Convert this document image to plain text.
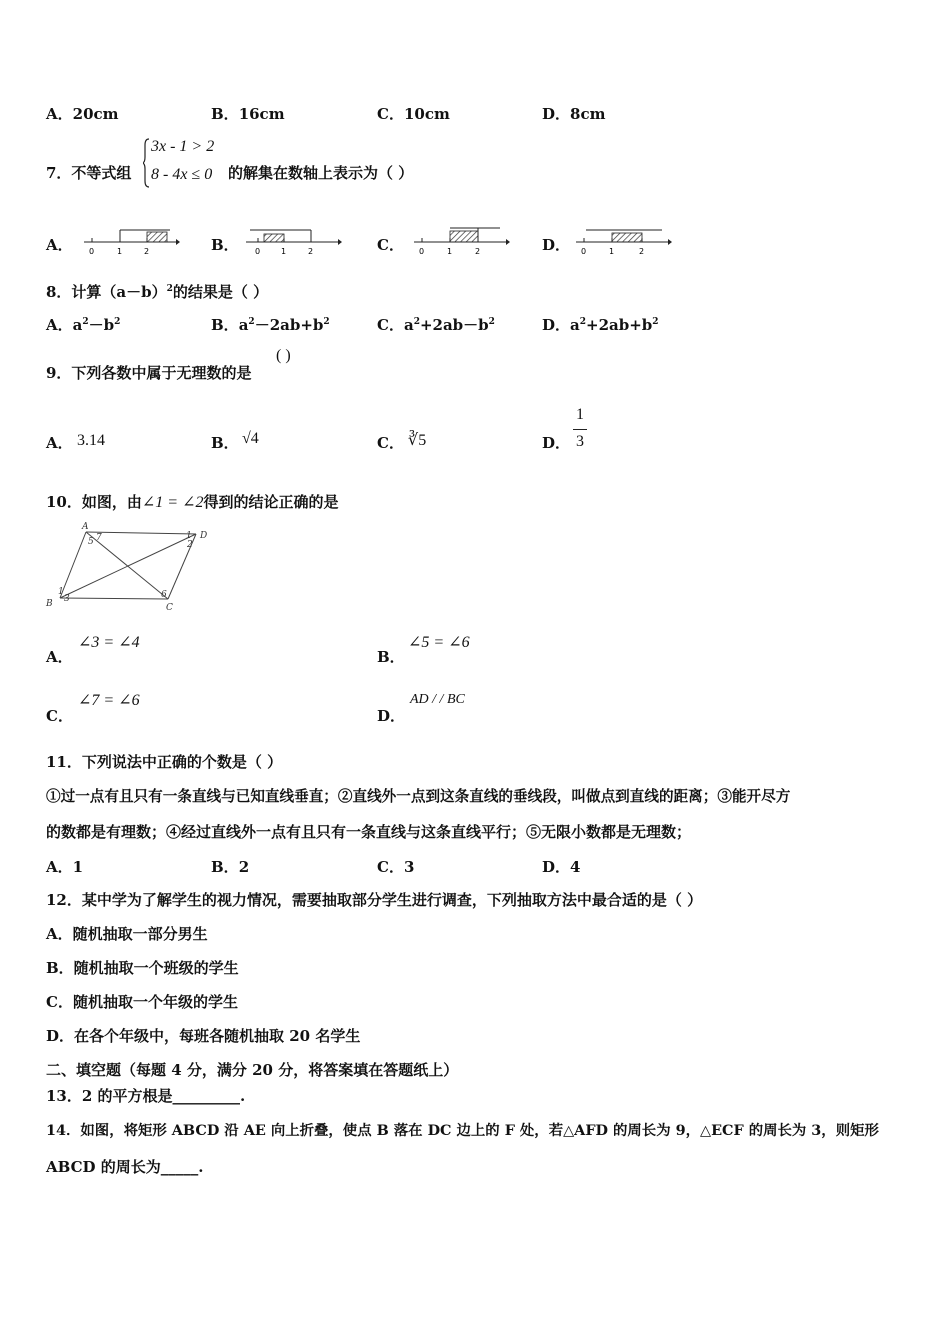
A．20cm	B．16cm	C．10cm	D．8cm
7．不等式组
3x - 1 > 2
8 - 4x ≤ 0 的解集在数轴上表示为（ ）
A． 0	1	2	B． 0	1	2	C． 0	1	2	D． 0	1	2
8．计算$(a-b)^2$的结果是（ ）
A．$a^2-b^2$	B．$a^2-2ab+b^2$	C．$a^2+2ab-b^2$	D．$a^2+2ab+b^2$
9．下列各数中属于无理数的是
( )
A． 3.14	B． √4	C． ∛5	D．
1
3
10．如图，由∠1 = ∠2得到的结论正确的是
A
B	C
D
5 7	1
2
1
3	6
A．
∠3 = ∠4
B．
∠5 = ∠6
C．
∠7 = ∠6
D．
AD / / BC
11．下列说法中正确的个数是（ ）
①过一点有且只有一条直线与已知直线垂直；②直线外一点到这条直线的垂线段，叫做点到直线的距离；③能开尽方
的数都是有理数；④经过直线外一点有且只有一条直线与这条直线平行；⑤无限小数都是无理数；
A．1	B．2	C．3	D．4
12．某中学为了解学生的视力情况，需要抽取部分学生进行调查，下列抽取方法中最合适的是（ ）
A．随机抽取一部分男生
B．随机抽取一个班级的学生
C．随机抽取一个年级的学生
D．在各个年级中，每班各随机抽取 20 名学生
二、填空题（每题 4 分，满分 20 分，将答案填在答题纸上）
13．2 的平方根是_________.
14．如图，将矩形 ABCD 沿 AE 向上折叠，使点 B 落在 DC 边上的 F 处，若△AFD 的周长为 9，△ECF 的周长为 3，则矩形
ABCD 的周长为_____.
